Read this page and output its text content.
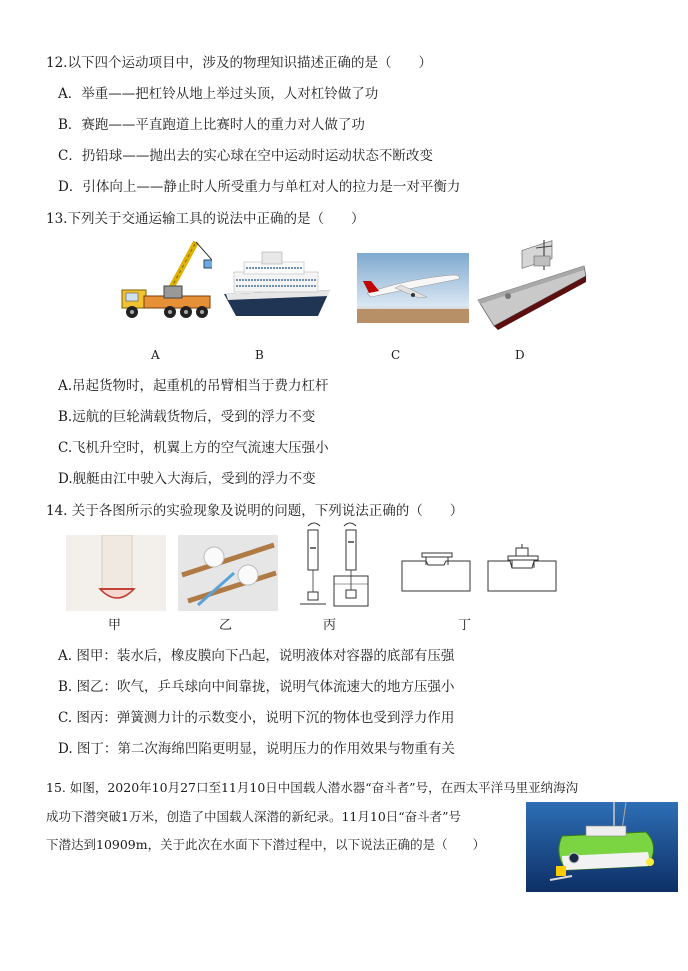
12.以下四个运动项目中，涉及的物理知识描述正确的是（　　）
A．举重——把杠铃从地上举过头顶，人对杠铃做了功
B．赛跑——平直跑道上比赛时人的重力对人做了功
C．扔铅球——抛出去的实心球在空中运动时运动状态不断改变
D．引体向上——静止时人所受重力与单杠对人的拉力是一对平衡力
13.下列关于交通运输工具的说法中正确的是（　　）
A	B	C	D
A.吊起货物时，起重机的吊臂相当于费力杠杆
B.远航的巨轮满载货物后，受到的浮力不变
C.飞机升空时，机翼上方的空气流速大压强小
D.舰艇由江中驶入大海后，受到的浮力不变
14. 关于各图所示的实验现象及说明的问题，下列说法正确的（　　）
甲	乙	丙	丁
A. 图甲：装水后，橡皮膜向下凸起，说明液体对容器的底部有压强
B. 图乙：吹气，乒乓球向中间靠拢，说明气体流速大的地方压强小
C. 图丙：弹簧测力计的示数变小，说明下沉的物体也受到浮力作用
D. 图丁：第二次海绵凹陷更明显，说明压力的作用效果与物重有关
15. 如图，2020年10月27口至11月10日中国载人潜水器“奋斗者”号，在西太平洋马里亚纳海沟
成功下潜突破1万米，创造了中国载人深潜的新纪录。11月10日“奋斗者”号
下潜达到10909m，关于此次在水面下下潜过程中，以下说法正确的是（　　）
